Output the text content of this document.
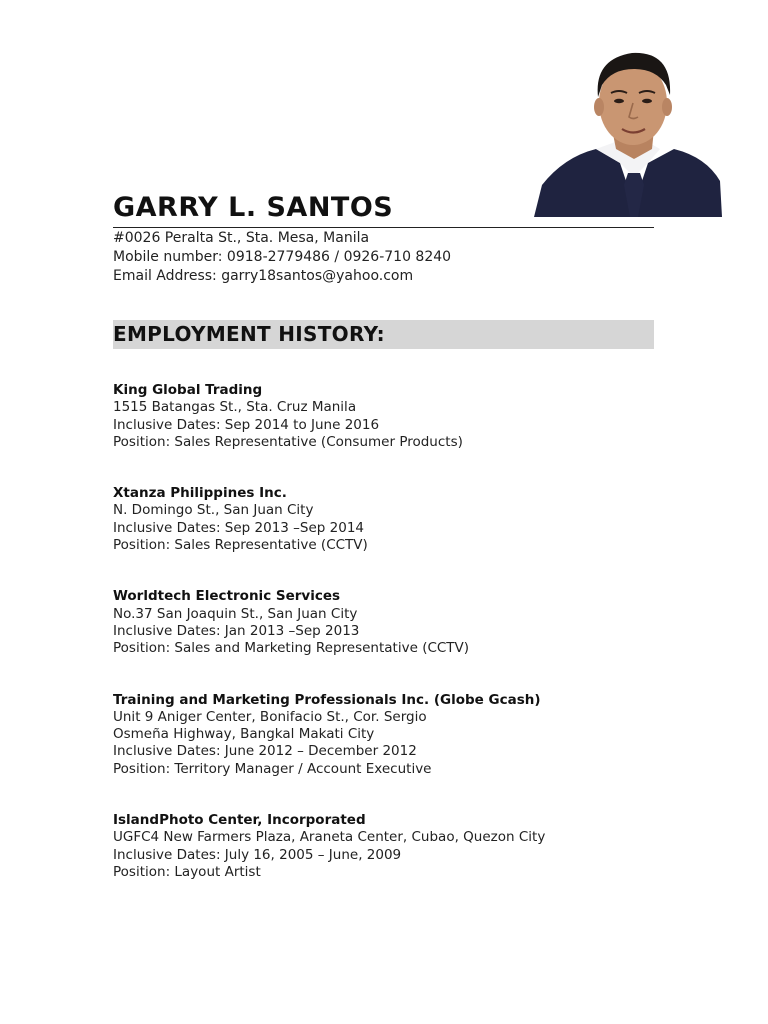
GARRY L. SANTOS
#0026 Peralta St., Sta. Mesa, Manila
Mobile number: 0918-2779486 / 0926-710 8240
Email Address: garry18santos@yahoo.com
EMPLOYMENT HISTORY:
King Global Trading
1515 Batangas St., Sta. Cruz Manila
Inclusive Dates: Sep 2014 to June 2016
Position: Sales Representative (Consumer Products)
Xtanza Philippines Inc.
N. Domingo St., San Juan City
Inclusive Dates: Sep 2013 –Sep 2014
Position: Sales Representative (CCTV)
Worldtech Electronic Services
No.37 San Joaquin St., San Juan City
Inclusive Dates: Jan 2013 –Sep 2013
Position: Sales and Marketing Representative (CCTV)
Training and Marketing Professionals Inc. (Globe Gcash)
Unit 9 Aniger Center, Bonifacio St., Cor. Sergio
Osmeña Highway, Bangkal Makati City
Inclusive Dates: June 2012 – December 2012
Position: Territory Manager / Account Executive
IslandPhoto Center, Incorporated
UGFC4 New Farmers Plaza, Araneta Center, Cubao, Quezon City
Inclusive Dates: July 16, 2005 – June, 2009
Position: Layout Artist
